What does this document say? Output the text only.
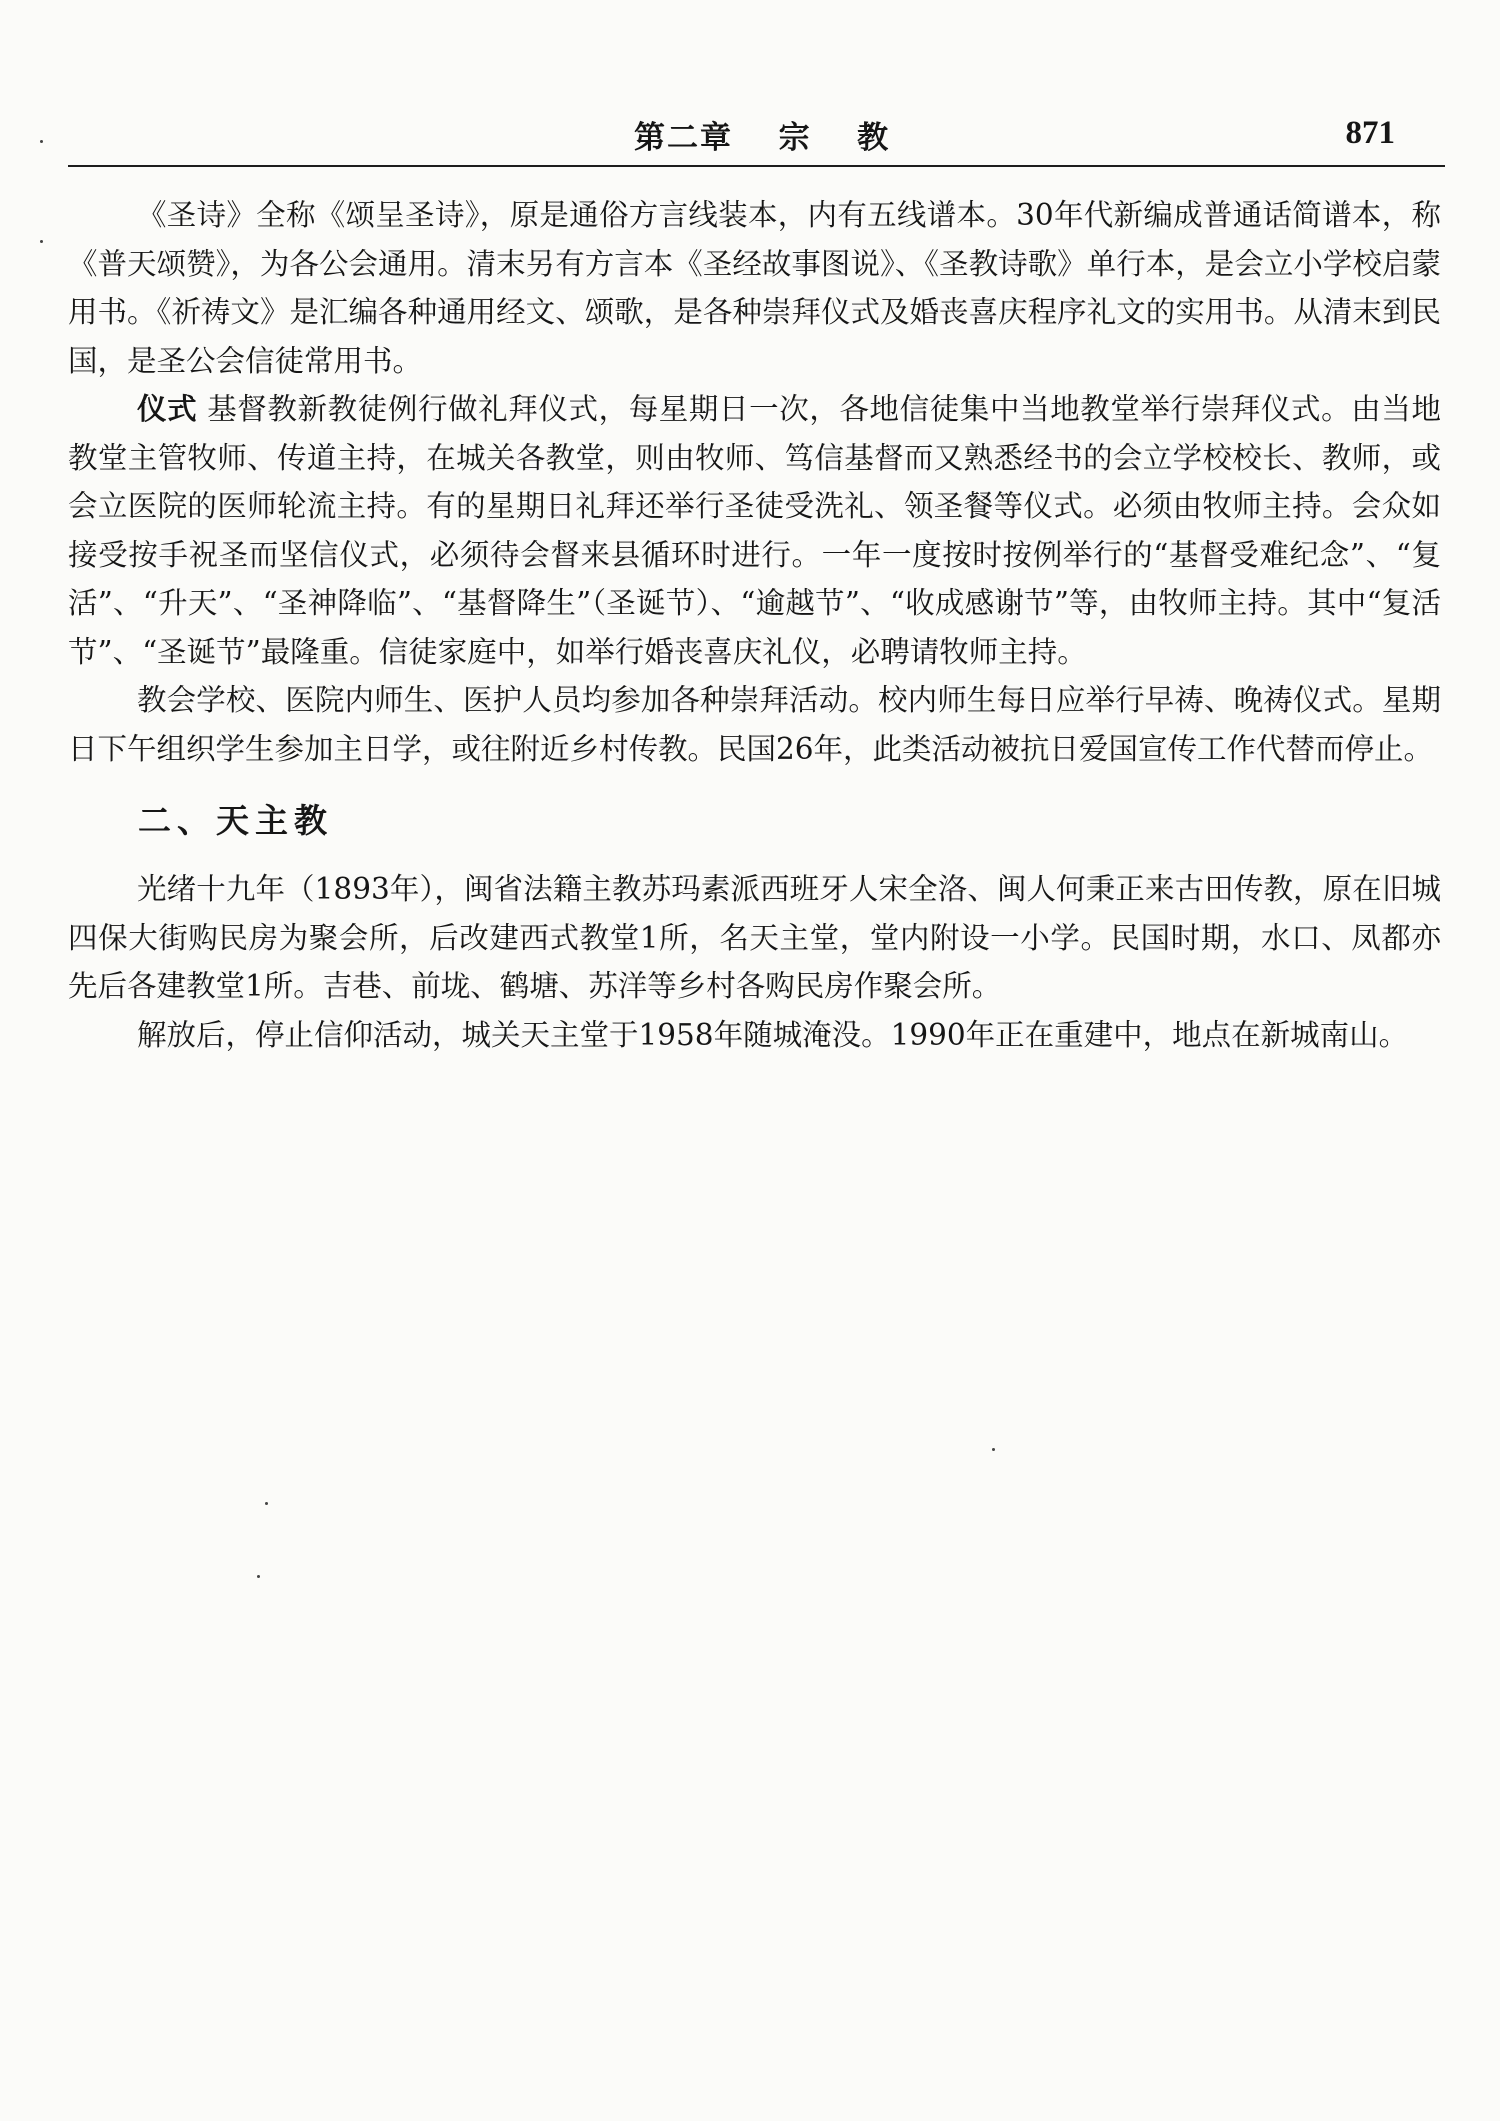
第二章  宗  教	871

《圣诗》全称《颂呈圣诗》，原是通俗方言线装本，内有五线谱本。30年代新编成普通话简谱本，称《普天颂赞》，为各公会通用。清末另有方言本《圣经故事图说》、《圣教诗歌》单行本，是会立小学校启蒙用书。《祈祷文》是汇编各种通用经文、颂歌，是各种崇拜仪式及婚丧喜庆程序礼文的实用书。从清末到民国，是圣公会信徒常用书。

仪式 基督教新教徒例行做礼拜仪式，每星期日一次，各地信徒集中当地教堂举行崇拜仪式。由当地教堂主管牧师、传道主持，在城关各教堂，则由牧师、笃信基督而又熟悉经书的会立学校校长、教师，或会立医院的医师轮流主持。有的星期日礼拜还举行圣徒受洗礼、领圣餐等仪式。必须由牧师主持。会众如接受按手祝圣而坚信仪式，必须待会督来县循环时进行。一年一度按时按例举行的“基督受难纪念”、“复活”、“升天”、“圣神降临”、“基督降生”（圣诞节）、“逾越节”、“收成感谢节”等，由牧师主持。其中“复活节”、“圣诞节”最隆重。信徒家庭中，如举行婚丧喜庆礼仪，必聘请牧师主持。

教会学校、医院内师生、医护人员均参加各种崇拜活动。校内师生每日应举行早祷、晚祷仪式。星期日下午组织学生参加主日学，或往附近乡村传教。民国26年，此类活动被抗日爱国宣传工作代替而停止。

二、天主教

光绪十九年（1893年），闽省法籍主教苏玛素派西班牙人宋全洛、闽人何秉正来古田传教，原在旧城四保大街购民房为聚会所，后改建西式教堂1所，名天主堂，堂内附设一小学。民国时期，水口、凤都亦先后各建教堂1所。吉巷、前垅、鹤塘、苏洋等乡村各购民房作聚会所。

解放后，停止信仰活动，城关天主堂于1958年随城淹没。1990年正在重建中，地点在新城南山。
